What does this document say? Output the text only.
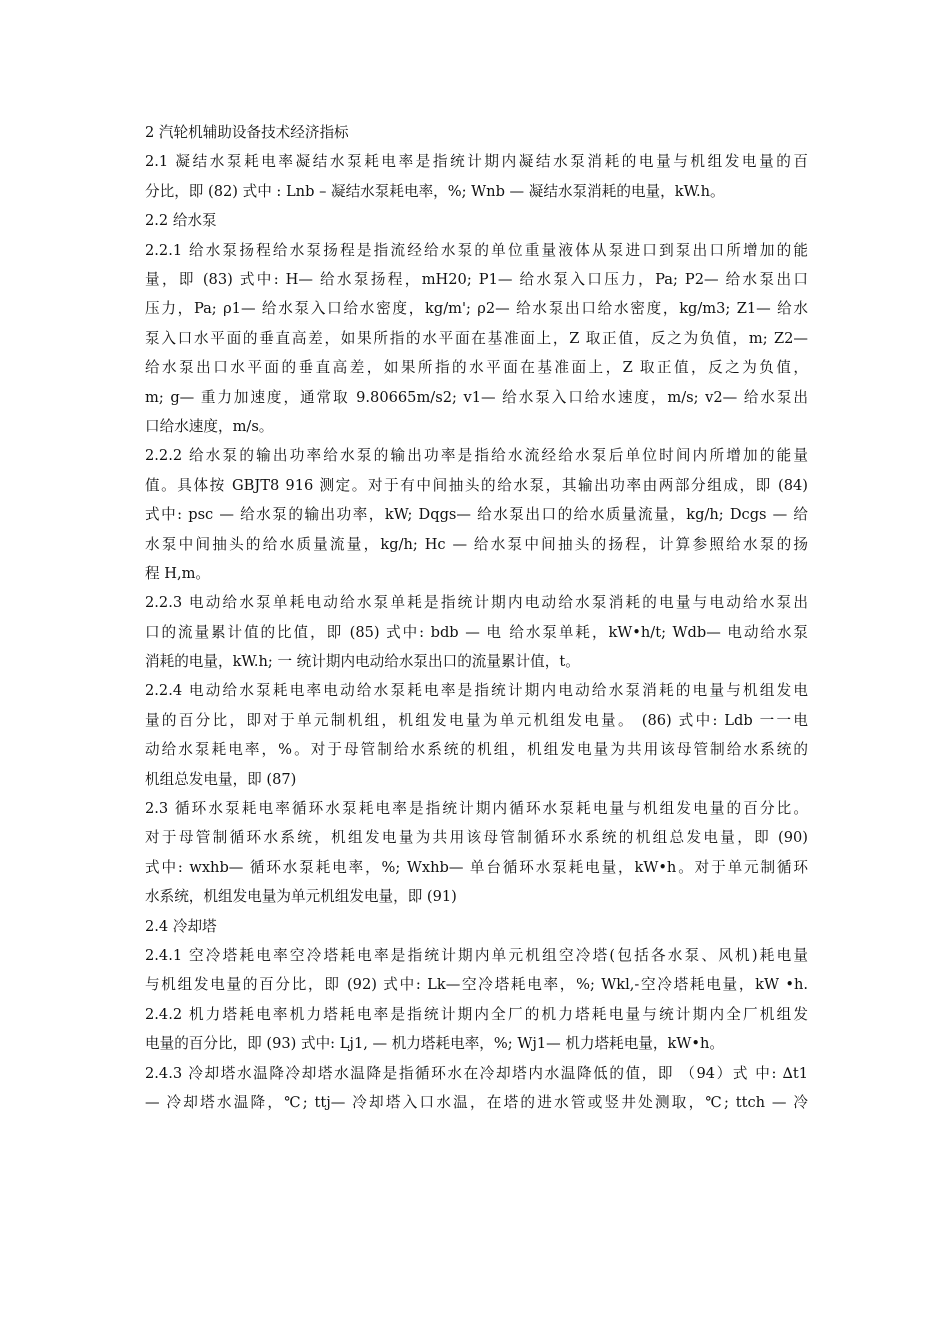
2 汽轮机辅助设备技术经济指标
2.1 凝结水泵耗电率凝结水泵耗电率是指统计期内凝结水泵消耗的电量与机组发电量的百
分比，即 (82) 式中 : Lnb – 凝结水泵耗电率，%; Wnb — 凝结水泵消耗的电量，kW.h。
2.2 给水泵
2.2.1 给水泵扬程给水泵扬程是指流经给水泵的单位重量液体从泵进口到泵出口所增加的能
量，即 (83) 式中: H— 给水泵扬程，mH20; P1— 给水泵入口压力，Pa; P2— 给水泵出口
压力，Pa; ρ1— 给水泵入口给水密度，kg/m'; ρ2— 给水泵出口给水密度，kg/m3; Z1— 给水
泵入口水平面的垂直高差，如果所指的水平面在基准面上，Z 取正值，反之为负值，m; Z2—
给水泵出口水平面的垂直高差，如果所指的水平面在基准面上，Z 取正值，反之为负值，
m; g— 重力加速度，通常取 9.80665m/s2; v1— 给水泵入口给水速度，m/s; v2— 给水泵出
口给水速度，m/s。
2.2.2 给水泵的输出功率给水泵的输出功率是指给水流经给水泵后单位时间内所增加的能量
值。具体按 GBJT8 916 测定。对于有中间抽头的给水泵，其输出功率由两部分组成，即 (84)
式中: psc — 给水泵的输出功率，kW; Dqgs— 给水泵出口的给水质量流量，kg/h; Dcgs — 给
水泵中间抽头的给水质量流量，kg/h; Hc — 给水泵中间抽头的扬程，计算参照给水泵的扬
程 H,m。
2.2.3 电动给水泵单耗电动给水泵单耗是指统计期内电动给水泵消耗的电量与电动给水泵出
口的流量累计值的比值，即 (85) 式中: bdb — 电 给水泵单耗，kW•h/t; Wdb— 电动给水泵
消耗的电量，kW.h; 一 统计期内电动给水泵出口的流量累计值，t。
2.2.4 电动给水泵耗电率电动给水泵耗电率是指统计期内电动给水泵消耗的电量与机组发电
量的百分比，即对于单元制机组，机组发电量为单元机组发电量。 (86) 式中: Ldb 一一电
动给水泵耗电率，%。对于母管制给水系统的机组，机组发电量为共用该母管制给水系统的
机组总发电量，即 (87)
2.3 循环水泵耗电率循环水泵耗电率是指统计期内循环水泵耗电量与机组发电量的百分比。
对于母管制循环水系统，机组发电量为共用该母管制循环水系统的机组总发电量，即 (90)
式中: wxhb— 循环水泵耗电率，%; Wxhb— 单台循环水泵耗电量，kW•h。对于单元制循环
水系统，机组发电量为单元机组发电量，即 (91)
2.4 冷却塔
2.4.1 空冷塔耗电率空冷塔耗电率是指统计期内单元机组空冷塔(包括各水泵、风机)耗电量
与机组发电量的百分比，即 (92) 式中: Lk—空冷塔耗电率，%; Wkl,-空冷塔耗电量，kW •h.
2.4.2 机力塔耗电率机力塔耗电率是指统计期内全厂的机力塔耗电量与统计期内全厂机组发
电量的百分比，即 (93) 式中: Lj1, — 机力塔耗电率，%; Wj1— 机力塔耗电量，kW•h。
2.4.3 冷却塔水温降冷却塔水温降是指循环水在冷却塔内水温降低的值，即 （94）式 中: ∆t1
— 冷却塔水温降，℃; ttj— 冷却塔入口水温，在塔的进水管或竖井处测取，℃; ttch — 冷
